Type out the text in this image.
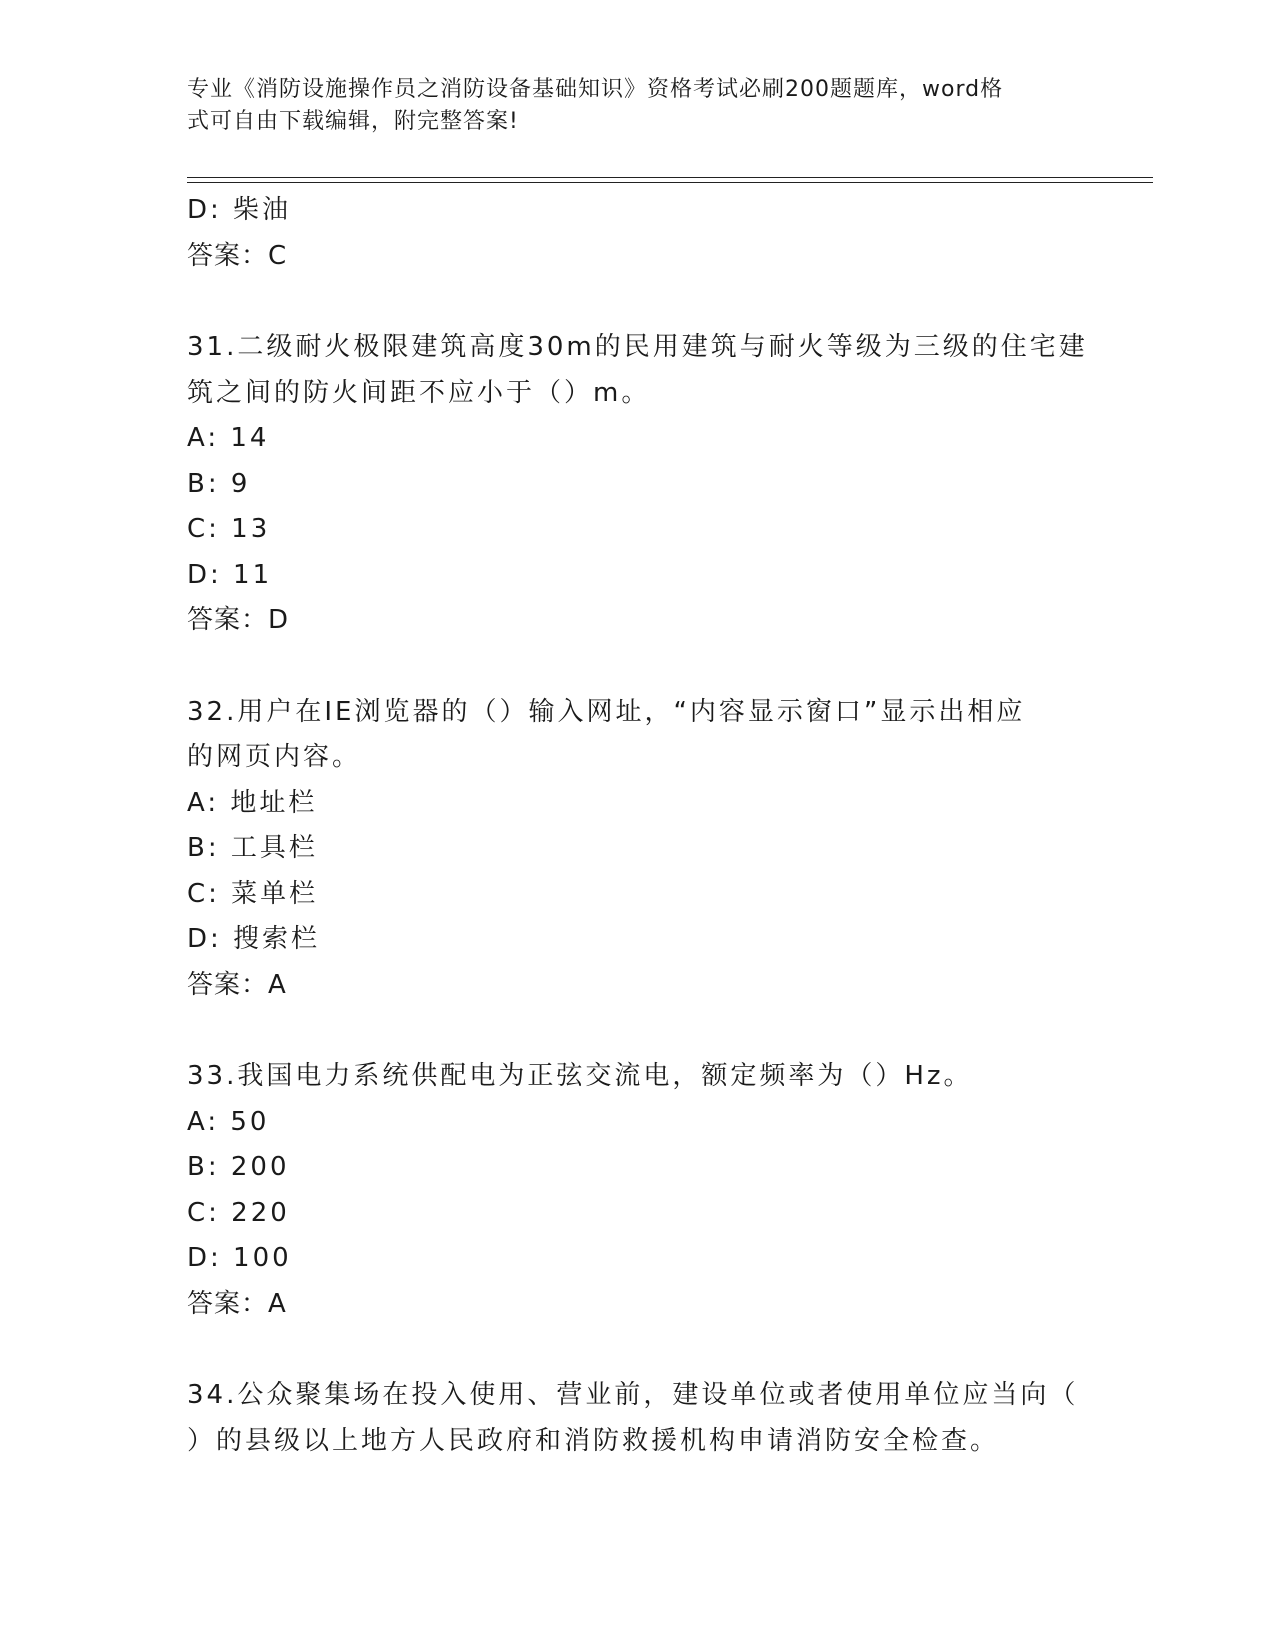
专业《消防设施操作员之消防设备基础知识》资格考试必刷200题题库，word格
式可自由下载编辑，附完整答案!
D: 柴油
答案：C
31.二级耐火极限建筑高度30m的民用建筑与耐火等级为三级的住宅建
筑之间的防火间距不应小于（）m。
A: 14
B: 9
C: 13
D: 11
答案：D
32.用户在IE浏览器的（）输入网址，“内容显示窗口”显示出相应
的网页内容。
A: 地址栏
B: 工具栏
C: 菜单栏
D: 搜索栏
答案：A
33.我国电力系统供配电为正弦交流电，额定频率为（）Hz。
A: 50
B: 200
C: 220
D: 100
答案：A
34.公众聚集场在投入使用、营业前，建设单位或者使用单位应当向（
）的县级以上地方人民政府和消防救援机构申请消防安全检查。
